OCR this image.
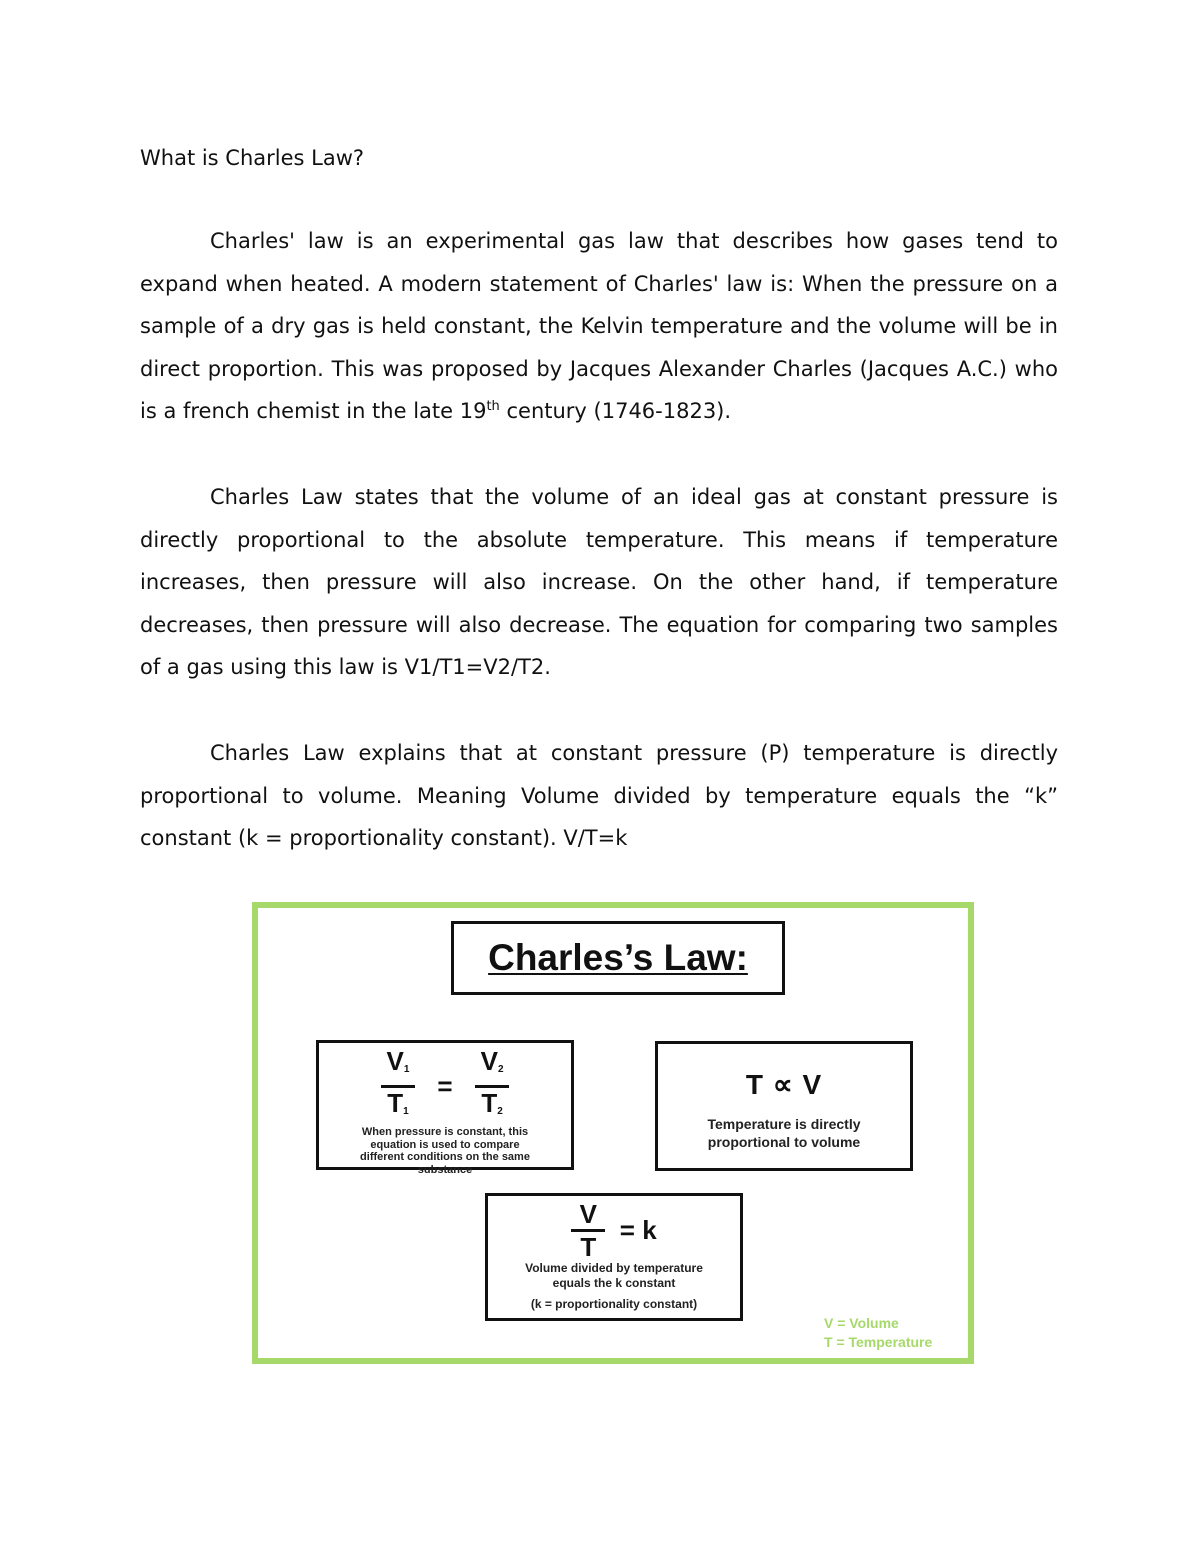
What is Charles Law?

Charles' law is an experimental gas law that describes how gases tend to expand when heated. A modern statement of Charles' law is: When the pressure on a sample of a dry gas is held constant, the Kelvin temperature and the volume will be in direct proportion. This was proposed by Jacques Alexander Charles (Jacques A.C.) who is a french chemist in the late 19th century (1746-1823).

Charles Law states that the volume of an ideal gas at constant pressure is directly proportional to the absolute temperature. This means if temperature increases, then pressure will also increase. On the other hand, if temperature decreases, then pressure will also decrease. The equation for comparing two samples of a gas using this law is V1/T1=V2/T2.

Charles Law explains that at constant pressure (P) temperature is directly proportional to volume. Meaning Volume divided by temperature equals the “k” constant (k = proportionality constant). V/T=k

Charles’s Law:
$\frac{V_1}{T_1} = \frac{V_2}{T_2}$
When pressure is constant, this equation is used to compare different conditions on the same substance
T ∝ V
Temperature is directly
proportional to volume
$\frac{V}{T} = k$
Volume divided by temperature
equals the k constant
(k = proportionality constant)
V = Volume
T = Temperature
